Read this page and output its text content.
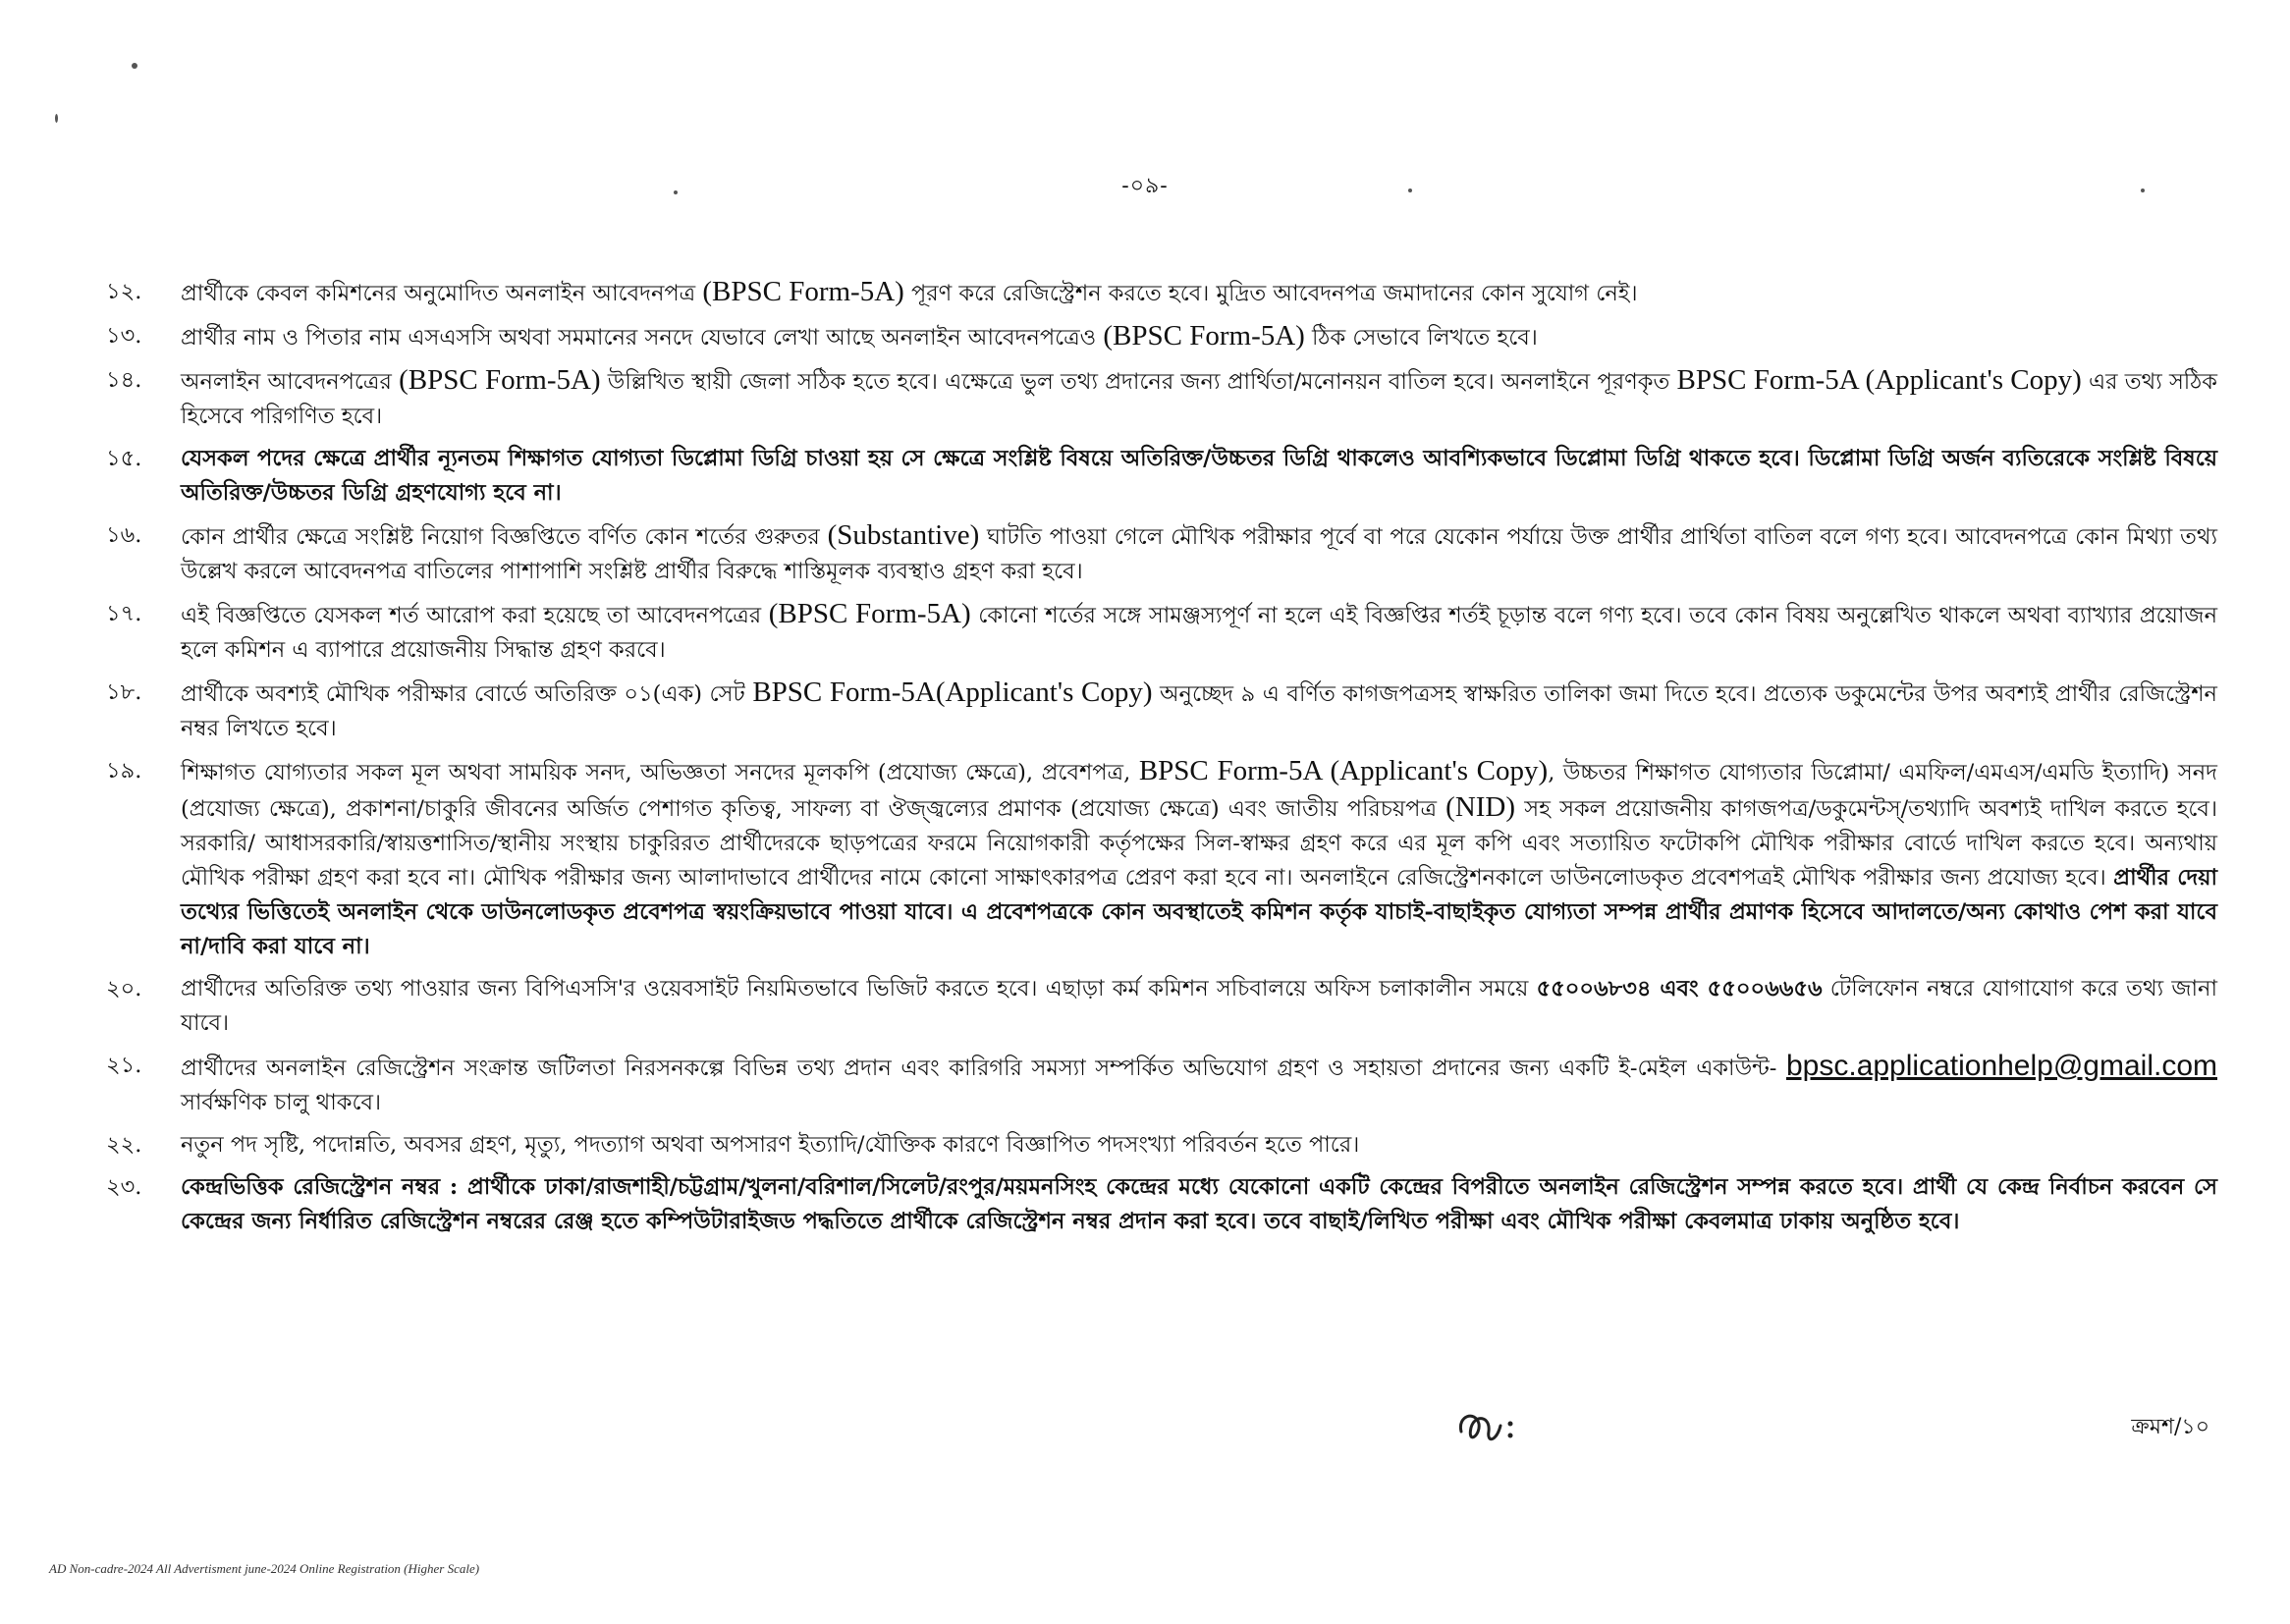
-০৯-
১২.	প্রার্থীকে কেবল কমিশনের অনুমোদিত অনলাইন আবেদনপত্র (BPSC Form-5A) পূরণ করে রেজিস্ট্রেশন করতে হবে। মুদ্রিত আবেদনপত্র জমাদানের কোন সুযোগ নেই।
১৩.	প্রার্থীর নাম ও পিতার নাম এসএসসি অথবা সমমানের সনদে যেভাবে লেখা আছে অনলাইন আবেদনপত্রেও (BPSC Form-5A) ঠিক সেভাবে লিখতে হবে।
১৪.	অনলাইন আবেদনপত্রের (BPSC Form-5A) উল্লিখিত স্থায়ী জেলা সঠিক হতে হবে। এক্ষেত্রে ভুল তথ্য প্রদানের জন্য প্রার্থিতা/মনোনয়ন বাতিল হবে। অনলাইনে পূরণকৃত BPSC Form-5A (Applicant's Copy) এর তথ্য সঠিক হিসেবে পরিগণিত হবে।
১৫.	যেসকল পদের ক্ষেত্রে প্রার্থীর ন্যূনতম শিক্ষাগত যোগ্যতা ডিপ্লোমা ডিগ্রি চাওয়া হয় সে ক্ষেত্রে সংশ্লিষ্ট বিষয়ে অতিরিক্ত/উচ্চতর ডিগ্রি থাকলেও আবশ্যিকভাবে ডিপ্লোমা ডিগ্রি থাকতে হবে। ডিপ্লোমা ডিগ্রি অর্জন ব্যতিরেকে সংশ্লিষ্ট বিষয়ে অতিরিক্ত/উচ্চতর ডিগ্রি গ্রহণযোগ্য হবে না।
১৬.	কোন প্রার্থীর ক্ষেত্রে সংশ্লিষ্ট নিয়োগ বিজ্ঞপ্তিতে বর্ণিত কোন শর্তের গুরুতর (Substantive) ঘাটতি পাওয়া গেলে মৌখিক পরীক্ষার পূর্বে বা পরে যেকোন পর্যায়ে উক্ত প্রার্থীর প্রার্থিতা বাতিল বলে গণ্য হবে। আবেদনপত্রে কোন মিথ্যা তথ্য উল্লেখ করলে আবেদনপত্র বাতিলের পাশাপাশি সংশ্লিষ্ট প্রার্থীর বিরুদ্ধে শাস্তিমূলক ব্যবস্থাও গ্রহণ করা হবে।
১৭.	এই বিজ্ঞপ্তিতে যেসকল শর্ত আরোপ করা হয়েছে তা আবেদনপত্রের (BPSC Form-5A) কোনো শর্তের সঙ্গে সামঞ্জস্যপূর্ণ না হলে এই বিজ্ঞপ্তির শর্তই চূড়ান্ত বলে গণ্য হবে। তবে কোন বিষয় অনুল্লেখিত থাকলে অথবা ব্যাখ্যার প্রয়োজন হলে কমিশন এ ব্যাপারে প্রয়োজনীয় সিদ্ধান্ত গ্রহণ করবে।
১৮.	প্রার্থীকে অবশ্যই মৌখিক পরীক্ষার বোর্ডে অতিরিক্ত ০১(এক) সেট BPSC Form-5A(Applicant's Copy) অনুচ্ছেদ ৯ এ বর্ণিত কাগজপত্রসহ স্বাক্ষরিত তালিকা জমা দিতে হবে। প্রত্যেক ডকুমেন্টের উপর অবশ্যই প্রার্থীর রেজিস্ট্রেশন নম্বর লিখতে হবে।
১৯.	শিক্ষাগত যোগ্যতার সকল মূল অথবা সাময়িক সনদ, অভিজ্ঞতা সনদের মূলকপি (প্রযোজ্য ক্ষেত্রে), প্রবেশপত্র, BPSC Form-5A (Applicant's Copy), উচ্চতর শিক্ষাগত যোগ্যতার ডিপ্লোমা/ এমফিল/এমএস/এমডি ইত্যাদি) সনদ (প্রযোজ্য ক্ষেত্রে), প্রকাশনা/চাকুরি জীবনের অর্জিত পেশাগত কৃতিত্ব, সাফল্য বা ঔজ্জ্বল্যের প্রমাণক (প্রযোজ্য ক্ষেত্রে) এবং জাতীয় পরিচয়পত্র (NID) সহ সকল প্রয়োজনীয় কাগজপত্র/ডকুমেন্টস্/তথ্যাদি অবশ্যই দাখিল করতে হবে। সরকারি/ আধাসরকারি/স্বায়ত্তশাসিত/স্থানীয় সংস্থায় চাকুরিরত প্রার্থীদেরকে ছাড়পত্রের ফরমে নিয়োগকারী কর্তৃপক্ষের সিল-স্বাক্ষর গ্রহণ করে এর মূল কপি এবং সত্যায়িত ফটোকপি মৌখিক পরীক্ষার বোর্ডে দাখিল করতে হবে। অন্যথায় মৌখিক পরীক্ষা গ্রহণ করা হবে না। মৌখিক পরীক্ষার জন্য আলাদাভাবে প্রার্থীদের নামে কোনো সাক্ষাৎকারপত্র প্রেরণ করা হবে না। অনলাইনে রেজিস্ট্রেশনকালে ডাউনলোডকৃত প্রবেশপত্রই মৌখিক পরীক্ষার জন্য প্রযোজ্য হবে। প্রার্থীর দেয়া তথ্যের ভিত্তিতেই অনলাইন থেকে ডাউনলোডকৃত প্রবেশপত্র স্বয়ংক্রিয়ভাবে পাওয়া যাবে। এ প্রবেশপত্রকে কোন অবস্থাতেই কমিশন কর্তৃক যাচাই-বাছাইকৃত যোগ্যতা সম্পন্ন প্রার্থীর প্রমাণক হিসেবে আদালতে/অন্য কোথাও পেশ করা যাবে না/দাবি করা যাবে না।
২০.	প্রার্থীদের অতিরিক্ত তথ্য পাওয়ার জন্য বিপিএসসি'র ওয়েবসাইট নিয়মিতভাবে ভিজিট করতে হবে। এছাড়া কর্ম কমিশন সচিবালয়ে অফিস চলাকালীন সময়ে ৫৫০০৬৮৩৪ এবং ৫৫০০৬৬৫৬ টেলিফোন নম্বরে যোগাযোগ করে তথ্য জানা যাবে।
২১.	প্রার্থীদের অনলাইন রেজিস্ট্রেশন সংক্রান্ত জটিলতা নিরসনকল্পে বিভিন্ন তথ্য প্রদান এবং কারিগরি সমস্যা সম্পর্কিত অভিযোগ গ্রহণ ও সহায়তা প্রদানের জন্য একটি ই-মেইল একাউন্ট- bpsc.applicationhelp@gmail.com সার্বক্ষণিক চালু থাকবে।
২২.	নতুন পদ সৃষ্টি, পদোন্নতি, অবসর গ্রহণ, মৃত্যু, পদত্যাগ অথবা অপসারণ ইত্যাদি/যৌক্তিক কারণে বিজ্ঞাপিত পদসংখ্যা পরিবর্তন হতে পারে।
২৩.	কেন্দ্রভিত্তিক রেজিস্ট্রেশন নম্বর : প্রার্থীকে ঢাকা/রাজশাহী/চট্টগ্রাম/খুলনা/বরিশাল/সিলেট/রংপুর/ময়মনসিংহ কেন্দ্রের মধ্যে যেকোনো একটি কেন্দ্রের বিপরীতে অনলাইন রেজিস্ট্রেশন সম্পন্ন করতে হবে। প্রার্থী যে কেন্দ্র নির্বাচন করবেন সে কেন্দ্রের জন্য নির্ধারিত রেজিস্ট্রেশন নম্বরের রেঞ্জ হতে কম্পিউটারাইজড পদ্ধতিতে প্রার্থীকে রেজিস্ট্রেশন নম্বর প্রদান করা হবে। তবে বাছাই/লিখিত পরীক্ষা এবং মৌখিক পরীক্ষা কেবলমাত্র ঢাকায় অনুষ্ঠিত হবে।
ক্রমশ/১০
AD Non-cadre-2024 All Advertisment june-2024 Online Registration (Higher Scale)
